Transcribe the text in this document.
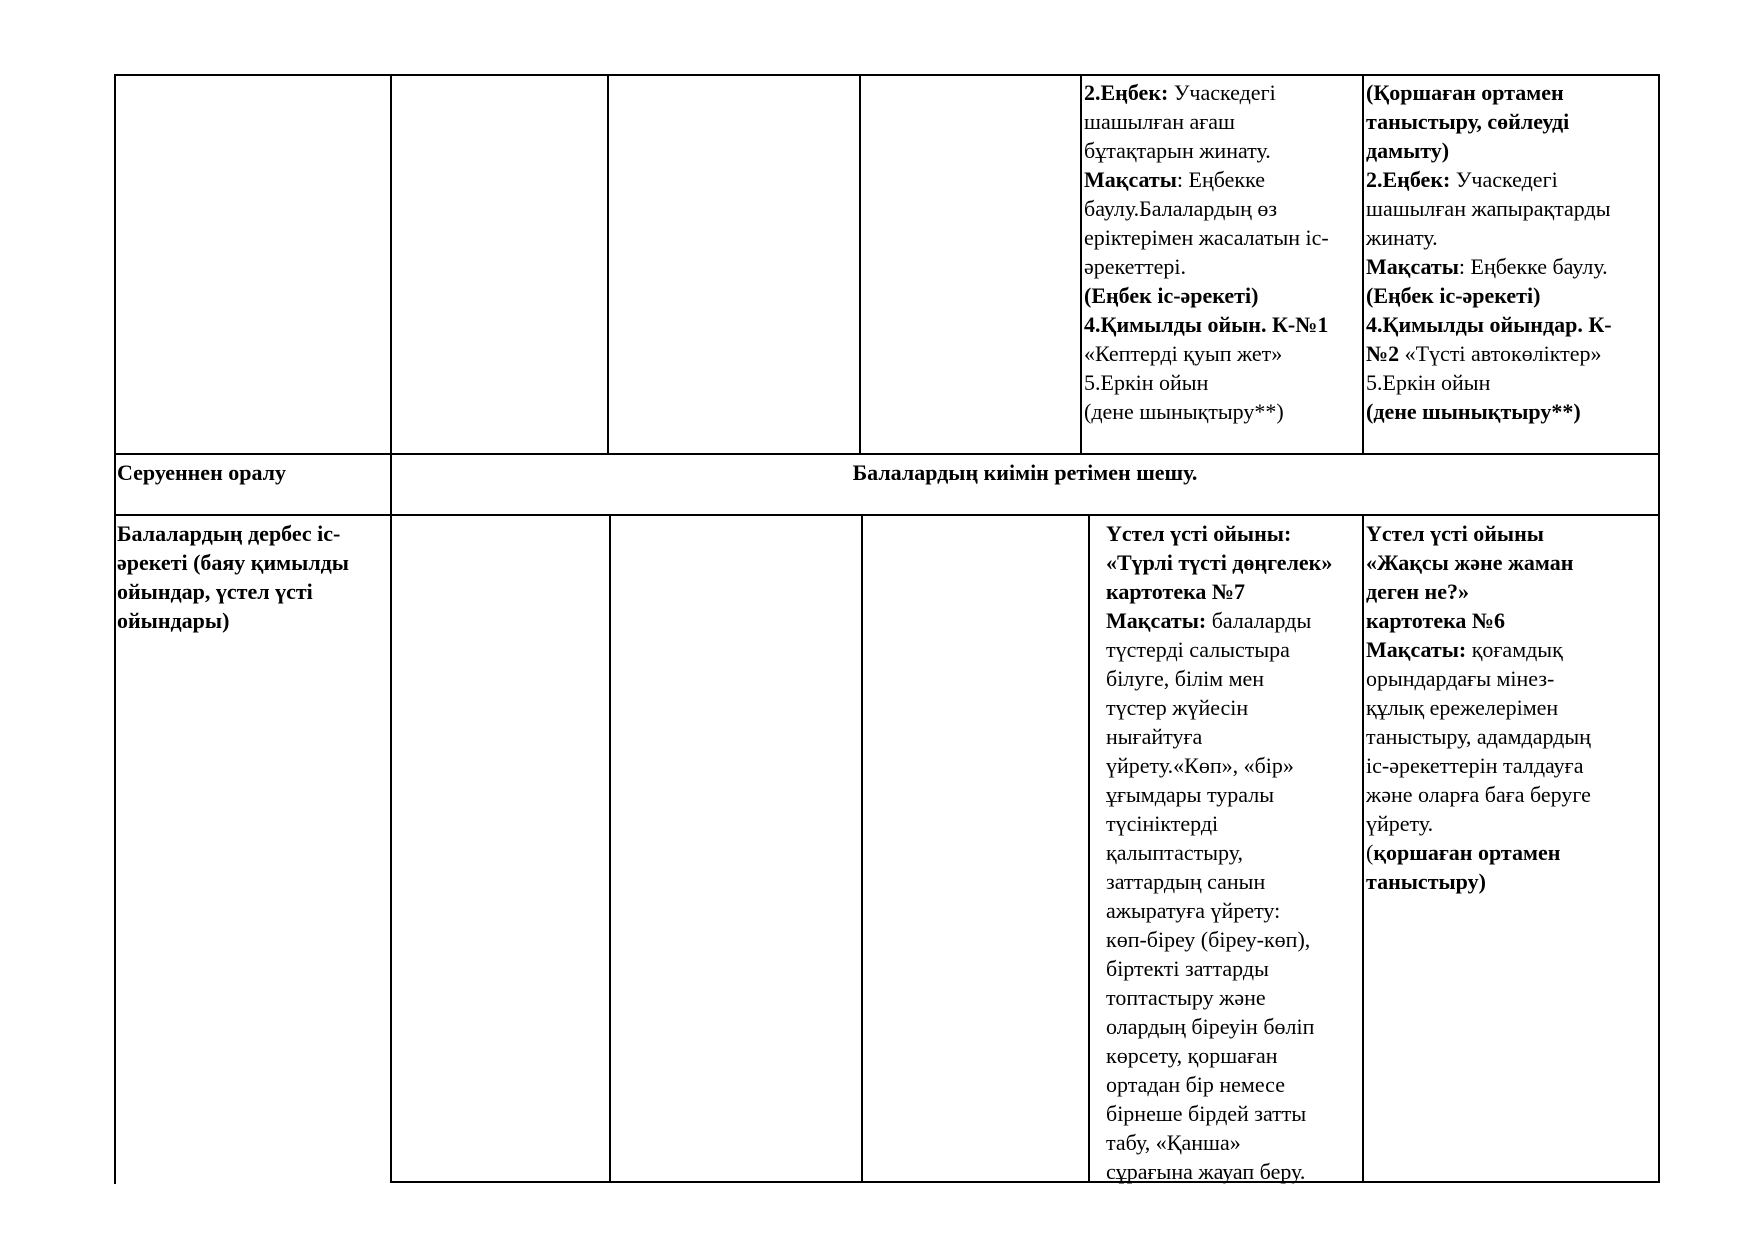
2.Еңбек: Учаскедегі
шашылған ағаш
бұтақтарын жинату.
Мақсаты: Еңбекке
баулу.Балалардың өз
еріктерімен жасалатын іс-
әрекеттері.
(Еңбек іс-әрекеті)
4.Қимылды ойын. К-№1
«Кептерді қуып жет»
5.Еркін ойын
(дене шынықтыру**)
(Қоршаған ортамен
таныстыру, сөйлеуді
дамыту)
2.Еңбек: Учаскедегі
шашылған жапырақтарды
жинату.
Мақсаты: Еңбекке баулу.
(Еңбек іс-әрекеті)
4.Қимылды ойындар. К-
№2 «Түсті автокөліктер»
5.Еркін ойын
(дене шынықтыру**)
Серуеннен оралу	Балалардың киімін ретімен шешу.
Балалардың дербес іс-
әрекеті (баяу қимылды
ойындар, үстел үсті
ойындары)
Үстел үсті ойыны:
«Түрлі түсті дөңгелек»
картотека №7
Мақсаты: балаларды
түстерді салыстыра
білуге, білім мен
түстер жүйесін
нығайтуға
үйрету.«Көп», «бір»
ұғымдары туралы
түсініктерді
қалыптастыру,
заттардың санын
ажыратуға үйрету:
көп-біреу (біреу-көп),
біртекті заттарды
топтастыру және
олардың біреуін бөліп
көрсету, қоршаған
ортадан бір немесе
бірнеше бірдей затты
табу, «Қанша»
сұрағына жауап беру.
Үстел үсті ойыны
«Жақсы және жаман
деген не?»
картотека №6
Мақсаты: қоғамдық
орындардағы мінез-
құлық ережелерімен
таныстыру, адамдардың
іс-әрекеттерін талдауға
және оларға баға беруге
үйрету.
(қоршаған ортамен
таныстыру)
